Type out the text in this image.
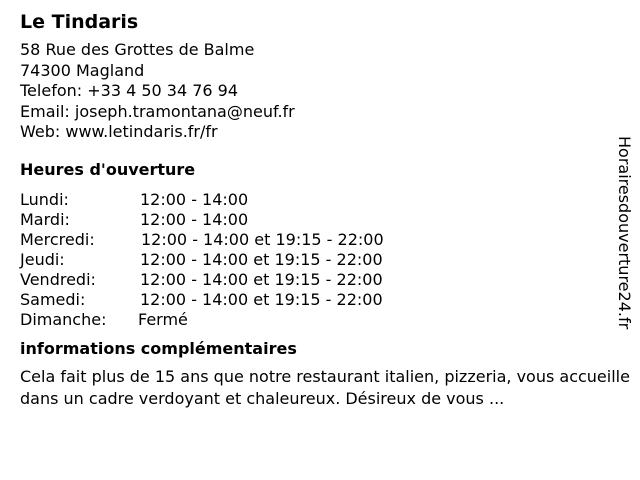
Le Tindaris
58 Rue des Grottes de Balme
74300 Magland
Telefon: +33 4 50 34 76 94
Email: joseph.tramontana@neuf.fr
Web: www.letindaris.fr/fr
Heures d'ouverture
Lundi:	12:00 - 14:00
Mardi:	12:00 - 14:00
Mercredi:	12:00 - 14:00 et 19:15 - 22:00
Jeudi:	12:00 - 14:00 et 19:15 - 22:00
Vendredi:	12:00 - 14:00 et 19:15 - 22:00
Samedi:	12:00 - 14:00 et 19:15 - 22:00
Dimanche:	Fermé
informations complémentaires
Cela fait plus de 15 ans que notre restaurant italien, pizzeria, vous accueille dans un cadre verdoyant et chaleureux. Désireux de vous ...
Horairesdouverture24.fr
